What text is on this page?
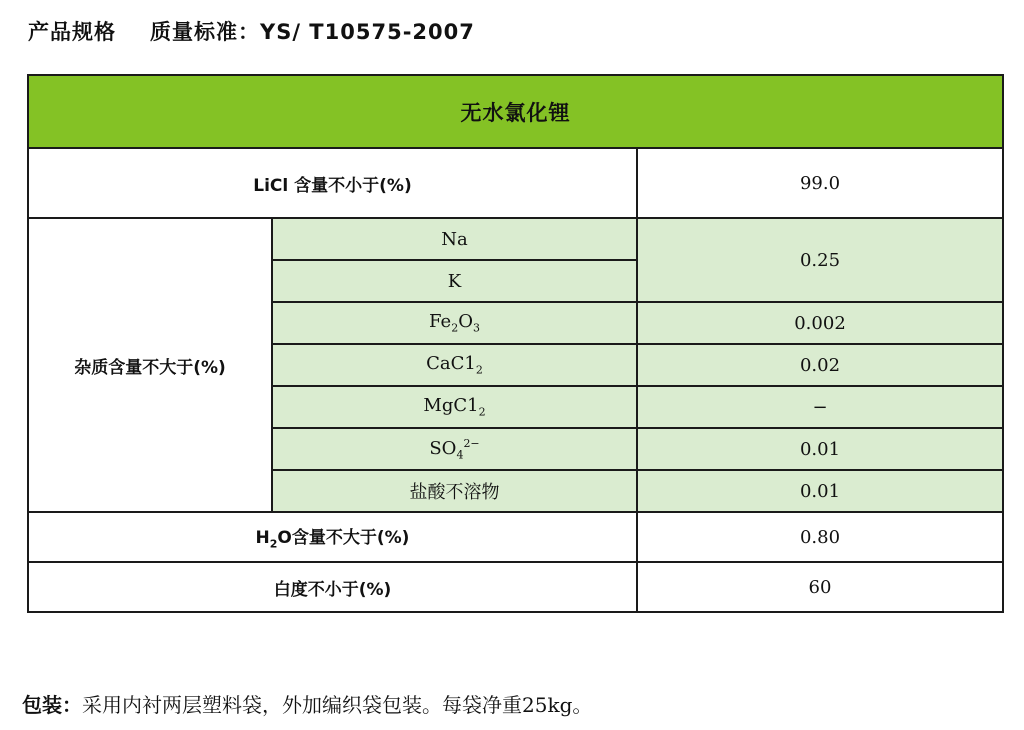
产品规格 质量标准：YS/ T10575-2007
无水氯化锂		
LiCl 含量不小于(%)		99.0
杂质含量不大于(%)	Na	0.25
	K	
	$Fe_2O_3$	0.002
	$CaC1_2$	0.02
	$MgC1_2$	−
	$SO_4^{2-}$	0.01
	盐酸不溶物	0.01
$H_2O$含量不大于(%)		0.80
白度不小于(%)		60
包装：采用内衬两层塑料袋，外加编织袋包装。每袋净重25kg。
